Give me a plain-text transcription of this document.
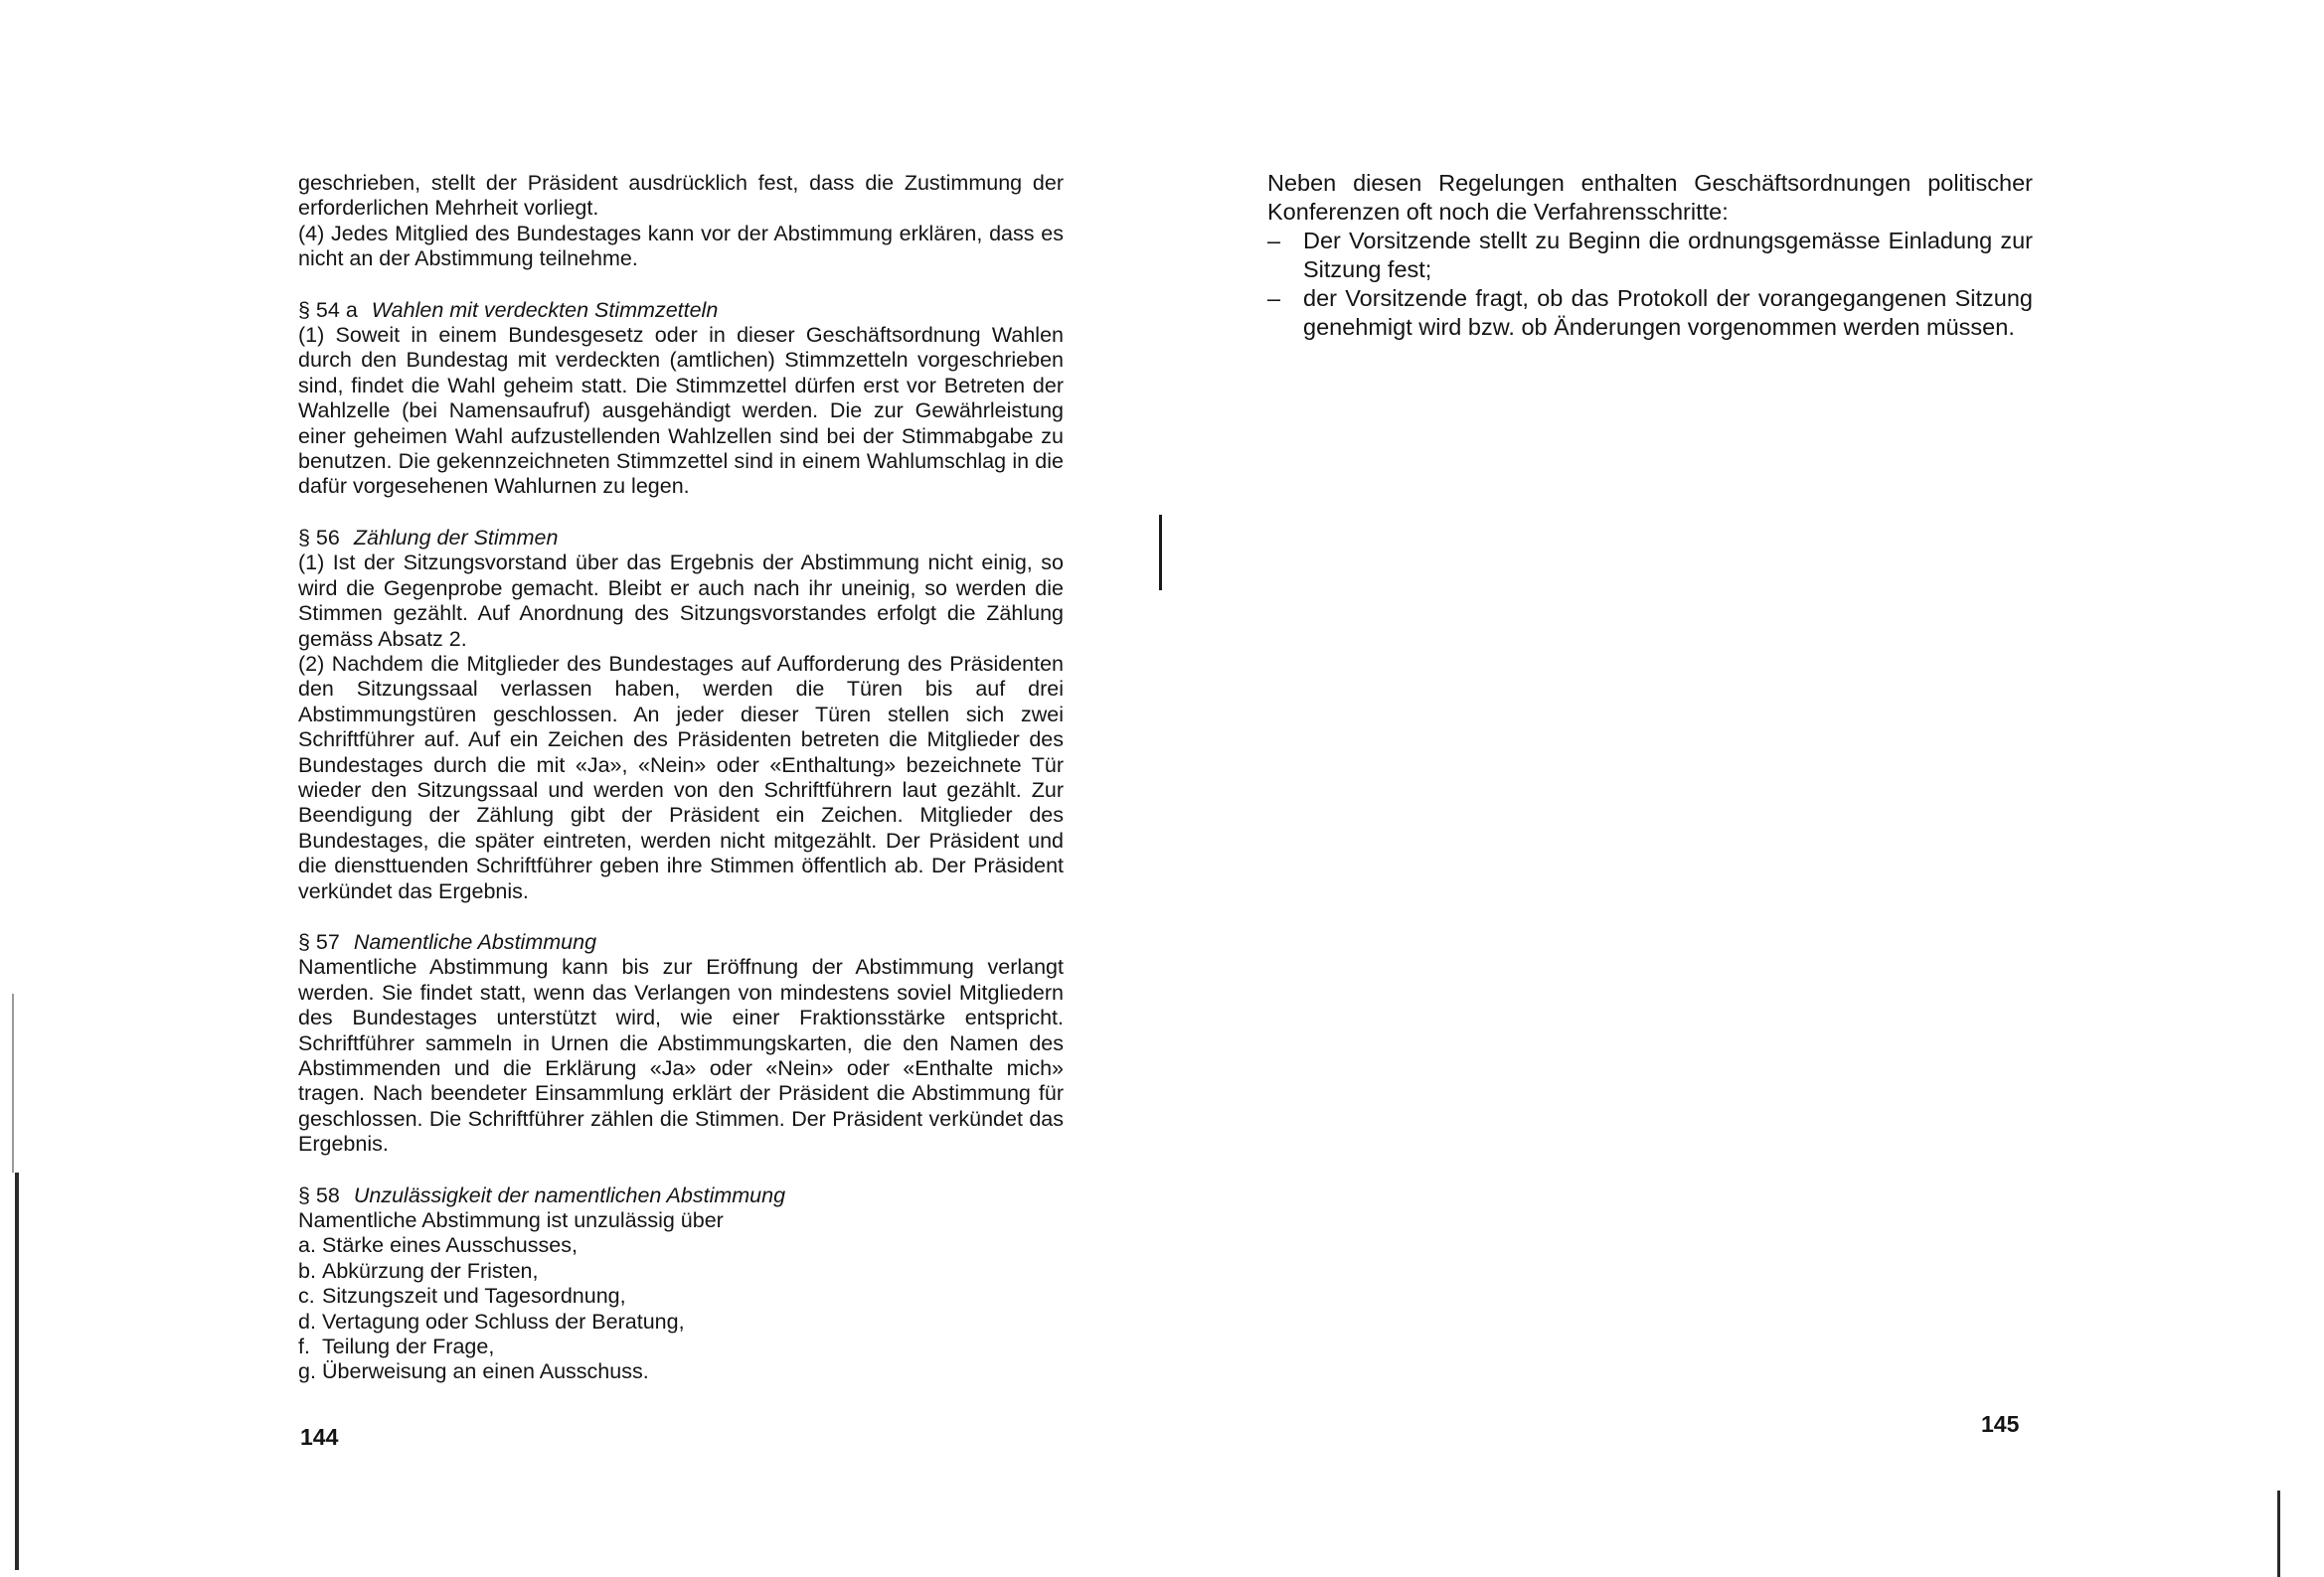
geschrieben, stellt der Präsident ausdrücklich fest, dass die Zustimmung der erforderlichen Mehrheit vorliegt.

(4) Jedes Mitglied des Bundestages kann vor der Abstimmung erklären, dass es nicht an der Abstimmung teilnehme.

§ 54 a Wahlen mit verdeckten Stimmzetteln

(1) Soweit in einem Bundesgesetz oder in dieser Geschäftsordnung Wahlen durch den Bundestag mit verdeckten (amtlichen) Stimmzetteln vorgeschrieben sind, findet die Wahl geheim statt. Die Stimmzettel dürfen erst vor Betreten der Wahlzelle (bei Namensaufruf) ausgehändigt werden. Die zur Gewährleistung einer geheimen Wahl aufzustellenden Wahlzellen sind bei der Stimmabgabe zu benutzen. Die gekennzeichneten Stimmzettel sind in einem Wahlumschlag in die dafür vorgesehenen Wahlurnen zu legen.

§ 56 Zählung der Stimmen

(1) Ist der Sitzungsvorstand über das Ergebnis der Abstimmung nicht einig, so wird die Gegenprobe gemacht. Bleibt er auch nach ihr uneinig, so werden die Stimmen gezählt. Auf Anordnung des Sitzungsvorstandes erfolgt die Zählung gemäss Absatz 2.

(2) Nachdem die Mitglieder des Bundestages auf Aufforderung des Präsidenten den Sitzungssaal verlassen haben, werden die Türen bis auf drei Abstimmungstüren geschlossen. An jeder dieser Türen stellen sich zwei Schriftführer auf. Auf ein Zeichen des Präsidenten betreten die Mitglieder des Bundestages durch die mit «Ja», «Nein» oder «Enthaltung» bezeichnete Tür wieder den Sitzungssaal und werden von den Schriftführern laut gezählt. Zur Beendigung der Zählung gibt der Präsident ein Zeichen. Mitglieder des Bundestages, die später eintreten, werden nicht mitgezählt. Der Präsident und die diensttuenden Schriftführer geben ihre Stimmen öffentlich ab. Der Präsident verkündet das Ergebnis.

§ 57 Namentliche Abstimmung

Namentliche Abstimmung kann bis zur Eröffnung der Abstimmung verlangt werden. Sie findet statt, wenn das Verlangen von mindestens soviel Mitgliedern des Bundestages unterstützt wird, wie einer Fraktionsstärke entspricht. Schriftführer sammeln in Urnen die Abstimmungskarten, die den Namen des Abstimmenden und die Erklärung «Ja» oder «Nein» oder «Enthalte mich» tragen. Nach beendeter Einsammlung erklärt der Präsident die Abstimmung für geschlossen. Die Schriftführer zählen die Stimmen. Der Präsident verkündet das Ergebnis.

§ 58 Unzulässigkeit der namentlichen Abstimmung

Namentliche Abstimmung ist unzulässig über

a. Stärke eines Ausschusses,
b. Abkürzung der Fristen,
c. Sitzungszeit und Tagesordnung,
d. Vertagung oder Schluss der Beratung,
f. Teilung der Frage,
g. Überweisung an einen Ausschuss.
144

Neben diesen Regelungen enthalten Geschäftsordnungen politischer Konferenzen oft noch die Verfahrensschritte:

– Der Vorsitzende stellt zu Beginn die ordnungsgemässe Einladung zur Sitzung fest;
– der Vorsitzende fragt, ob das Protokoll der vorangegangenen Sitzung genehmigt wird bzw. ob Änderungen vorgenommen werden müssen.
145
